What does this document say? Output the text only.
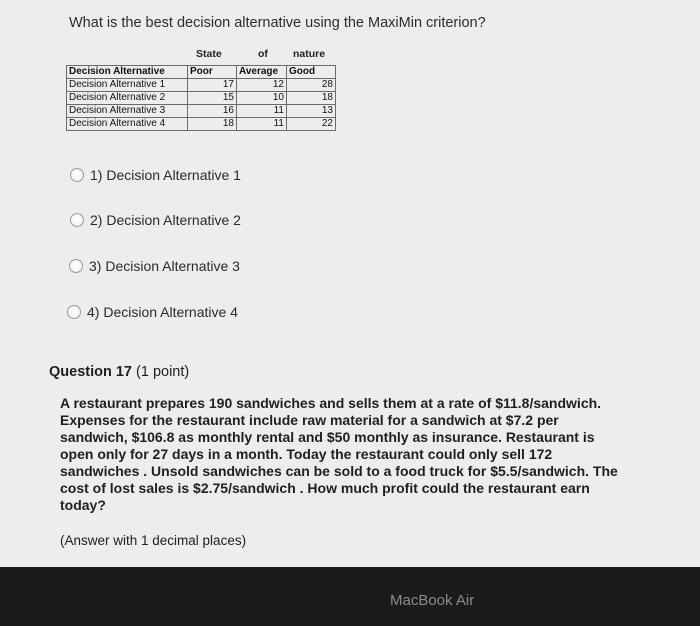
What is the best decision alternative using the MaxiMin criterion?
State	of nature
Decision Alternative	Poor	Average	Good
Decision Alternative 1	17	12	28
Decision Alternative 2	15	10	18
Decision Alternative 3	16	11	13
Decision Alternative 4	18	11	22
1) Decision Alternative 1
2) Decision Alternative 2
3) Decision Alternative 3
4) Decision Alternative 4
Question 17 (1 point)

A restaurant prepares 190 sandwiches and sells them at a rate of $11.8/sandwich. Expenses for the restaurant include raw material for a sandwich at $7.2 per sandwich, $106.8 as monthly rental and $50 monthly as insurance. Restaurant is open only for 27 days in a month. Today the restaurant could only sell 172 sandwiches . Unsold sandwiches can be sold to a food truck for $5.5/sandwich. The cost of lost sales is $2.75/sandwich . How much profit could the restaurant earn today?

(Answer with 1 decimal places)
MacBook Air
